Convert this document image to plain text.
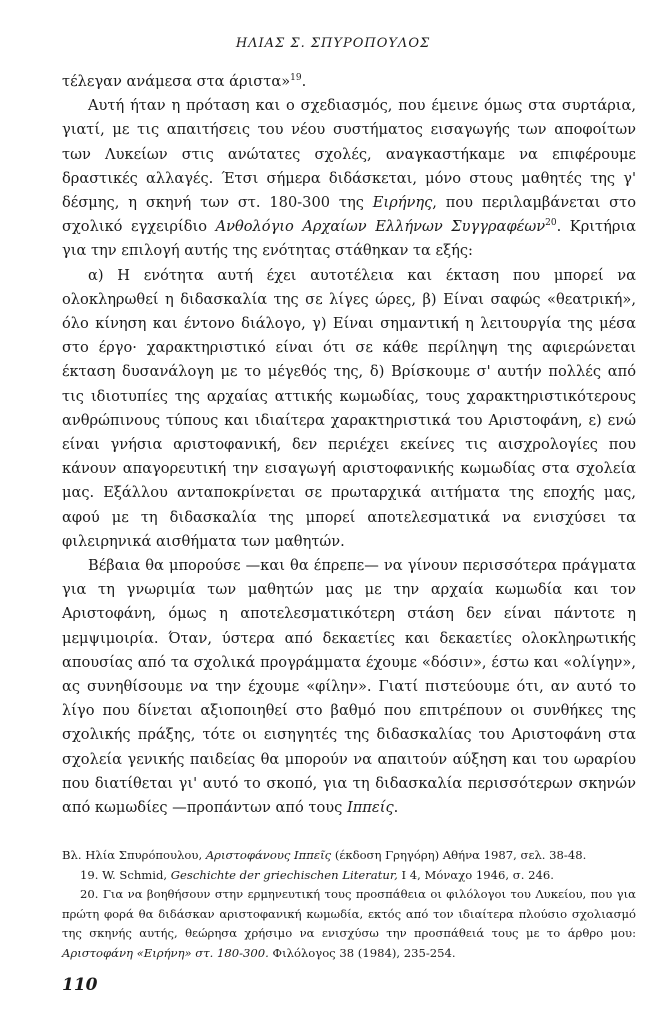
ΗΛΙΑΣ Σ. ΣΠΥΡΟΠΟΥΛΟΣ

τέλεγαν ανάμεσα στα άριστα»$^{19}$.

Αυτή ήταν η πρόταση και ο σχεδιασμός, που έμεινε όμως στα συρτάρια, γιατί, με τις απαιτήσεις του νέου συστήματος εισαγωγής των αποφοίτων των Λυκείων στις ανώτατες σχολές, αναγκαστήκαμε να επιφέρουμε δραστικές αλλαγές. Έτσι σήμερα διδάσκεται, μόνο στους μαθητές της γ' δέσμης, η σκηνή των στ. 180-300 της Ειρήνης, που περιλαμβάνεται στο σχολικό εγχειρίδιο Ανθολόγιο Αρχαίων Ελλήνων Συγγραφέων$^{20}$. Κριτήρια για την επιλογή αυτής της ενότητας στάθηκαν τα εξής:

α) Η ενότητα αυτή έχει αυτοτέλεια και έκταση που μπορεί να ολοκληρωθεί η διδασκαλία της σε λίγες ώρες, β) Είναι σαφώς «θεατρική», όλο κίνηση και έντονο διάλογο, γ) Είναι σημαντική η λειτουργία της μέσα στο έργο· χαρακτηριστικό είναι ότι σε κάθε περίληψη της αφιερώνεται έκταση δυσανάλογη με το μέγεθός της, δ) Βρίσκουμε σ' αυτήν πολλές από τις ιδιοτυπίες της αρχαίας αττικής κωμωδίας, τους χαρακτηριστικότερους ανθρώπινους τύπους και ιδιαίτερα χαρακτηριστικά του Αριστοφάνη, ε) ενώ είναι γνήσια αριστοφανική, δεν περιέχει εκείνες τις αισχρολογίες που κάνουν απαγορευτική την εισαγωγή αριστοφανικής κωμωδίας στα σχολεία μας. Εξάλλου ανταποκρίνεται σε πρωταρχικά αιτήματα της εποχής μας, αφού με τη διδασκαλία της μπορεί αποτελεσματικά να ενισχύσει τα φιλειρηνικά αισθήματα των μαθητών.

Βέβαια θα μπορούσε —και θα έπρεπε— να γίνουν περισσότερα πράγματα για τη γνωριμία των μαθητών μας με την αρχαία κωμωδία και τον Αριστοφάνη, όμως η αποτελεσματικότερη στάση δεν είναι πάντοτε η μεμψιμοιρία. Όταν, ύστερα από δεκαετίες και δεκαετίες ολοκληρωτικής απουσίας από τα σχολικά προγράμματα έχουμε «δόσιν», έστω και «ολίγην», ας συνηθίσουμε να την έχουμε «φίλην». Γιατί πιστεύουμε ότι, αν αυτό το λίγο που δίνεται αξιοποιηθεί στο βαθμό που επιτρέπουν οι συνθήκες της σχολικής πράξης, τότε οι εισηγητές της διδασκαλίας του Αριστοφάνη στα σχολεία γενικής παιδείας θα μπορούν να απαιτούν αύξηση και του ωραρίου που διατίθεται γι' αυτό το σκοπό, για τη διδασκαλία περισσότερων σκηνών από κωμωδίες —προπάντων από τους Ιππείς.

Βλ. Ηλία Σπυρόπουλου, Αριστοφάνους Ιππεῖς (έκδοση Γρηγόρη) Αθήνα 1987, σελ. 38-48.

19. W. Schmid, Geschichte der griechischen Literatur, I 4, Μόναχο 1946, σ. 246.

20. Για να βοηθήσουν στην ερμηνευτική τους προσπάθεια οι φιλόλογοι του Λυκείου, που για πρώτη φορά θα διδάσκαν αριστοφανική κωμωδία, εκτός από τον ιδιαίτερα πλούσιο σχολιασμό της σκηνής αυτής, θεώρησα χρήσιμο να ενισχύσω την προσπάθειά τους με το άρθρο μου: Αριστοφάνη «Ειρήνη» στ. 180-300. Φιλόλογος 38 (1984), 235-254.

110
